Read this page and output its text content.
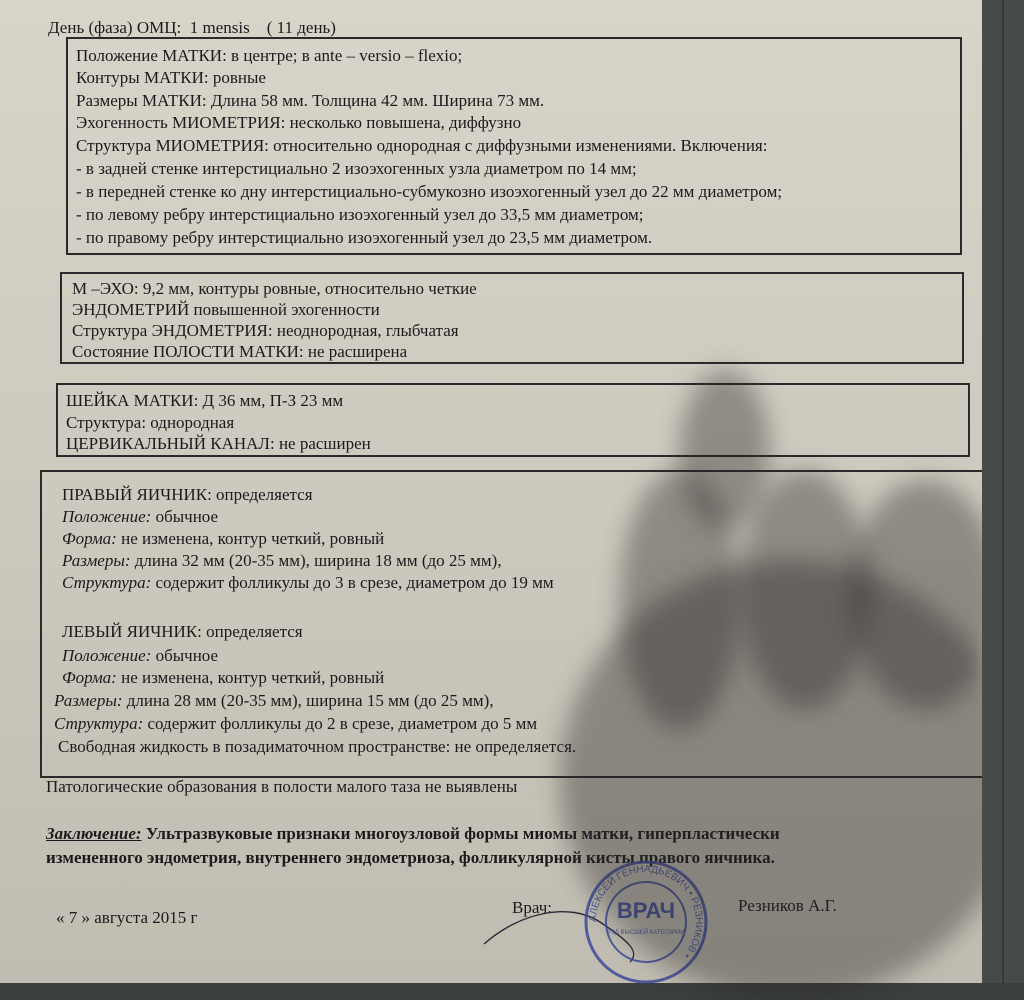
День (фаза) ОМЦ: 1 mensis ( 11 день)
Положение МАТКИ: в центре; в ante – versio – flexio;
Контуры МАТКИ: ровные
Размеры МАТКИ: Длина 58 мм. Толщина 42 мм. Ширина 73 мм.
Эхогенность МИОМЕТРИЯ: несколько повышена, диффузно
Структура МИОМЕТРИЯ: относительно однородная с диффузными изменениями. Включения:
- в задней стенке интерстициально 2 изоэхогенных узла диаметром по 14 мм;
- в передней стенке ко дну интерстициально-субмукозно изоэхогенный узел до 22 мм диаметром;
- по левому ребру интерстициально изоэхогенный узел до 33,5 мм диаметром;
- по правому ребру интерстициально изоэхогенный узел до 23,5 мм диаметром.
М –ЭХО: 9,2 мм, контуры ровные, относительно четкие
ЭНДОМЕТРИЙ повышенной эхогенности
Структура ЭНДОМЕТРИЯ: неоднородная, глыбчатая
Состояние ПОЛОСТИ МАТКИ: не расширена
ШЕЙКА МАТКИ: Д 36 мм, П-З 23 мм
Структура: однородная
ЦЕРВИКАЛЬНЫЙ КАНАЛ: не расширен
ПРАВЫЙ ЯИЧНИК: определяется
Положение: обычное
Форма: не изменена, контур четкий, ровный
Размеры: длина 32 мм (20-35 мм), ширина 18 мм (до 25 мм),
Структура: содержит фолликулы до 3 в срезе, диаметром до 19 мм
ЛЕВЫЙ ЯИЧНИК: определяется
Положение: обычное
Форма: не изменена, контур четкий, ровный
Размеры: длина 28 мм (20-35 мм), ширина 15 мм (до 25 мм),
Структура: содержит фолликулы до 2 в срезе, диаметром до 5 мм
Свободная жидкость в позадиматочном пространстве: не определяется.
Патологические образования в полости малого таза не выявлены
Заключение: Ультразвуковые признаки многоузловой формы миомы матки, гиперпластически
измененного эндометрия, внутреннего эндометриоза, фолликулярной кисты правого яичника.
« 7 » августа 2015 г
Врач:	Резников А.Г.
ВРАЧ
УЗД ВЫСШЕЙ КАТЕГОРИИ
АЛЕКСЕЙ ГЕННАДЬЕВИЧ • РЕЗНИКОВ •
